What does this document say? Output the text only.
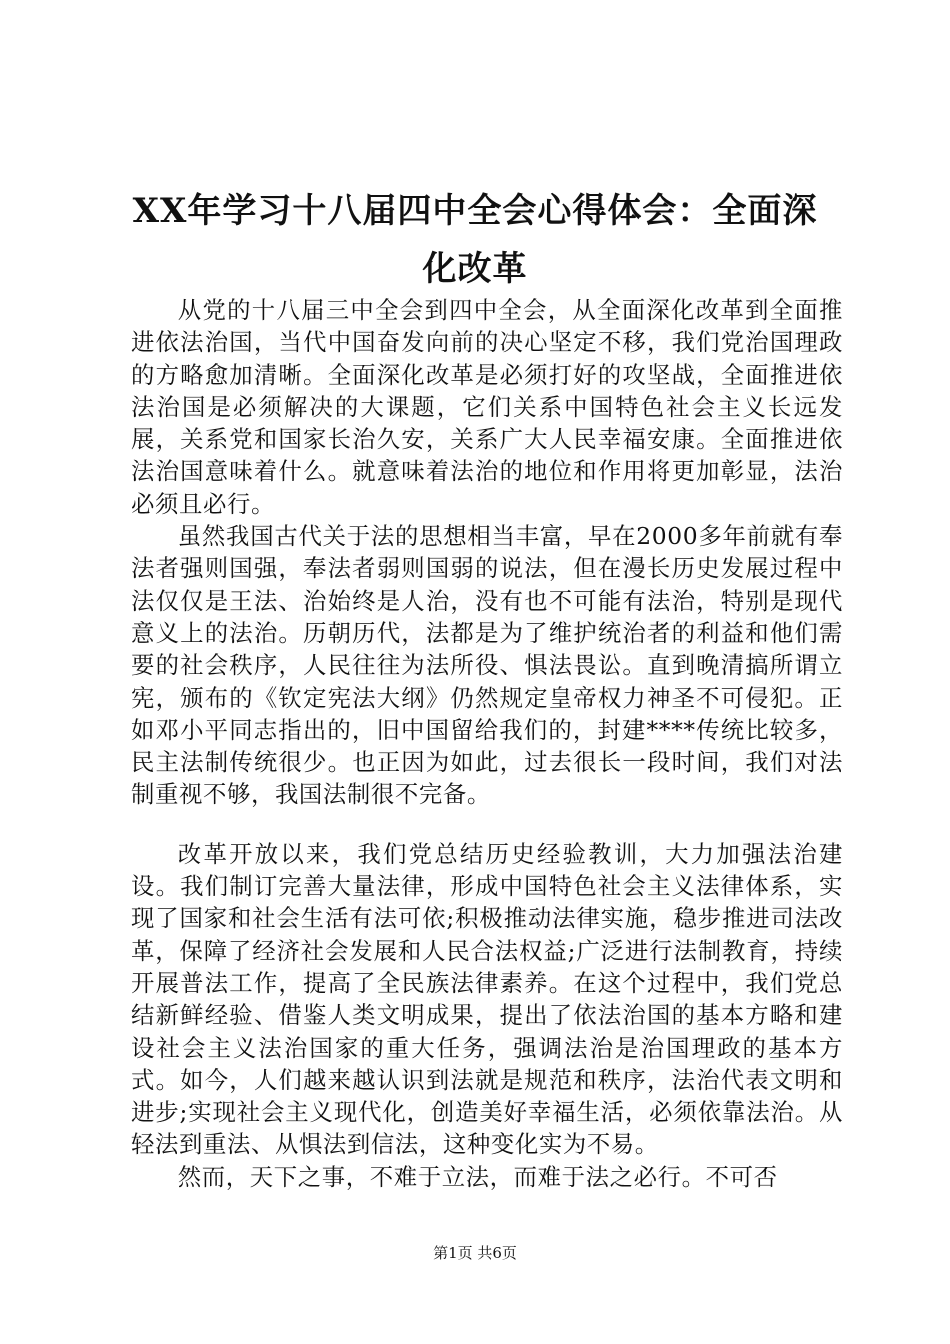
XX年学习十八届四中全会心得体会：全面深
化改革

从党的十八届三中全会到四中全会，从全面深化改革到全面推进依法治国，当代中国奋发向前的决心坚定不移，我们党治国理政的方略愈加清晰。全面深化改革是必须打好的攻坚战，全面推进依法治国是必须解决的大课题，它们关系中国特色社会主义长远发展，关系党和国家长治久安，关系广大人民幸福安康。全面推进依法治国意味着什么。就意味着法治的地位和作用将更加彰显，法治必须且必行。

虽然我国古代关于法的思想相当丰富，早在2000多年前就有奉法者强则国强，奉法者弱则国弱的说法，但在漫长历史发展过程中法仅仅是王法、治始终是人治，没有也不可能有法治，特别是现代意义上的法治。历朝历代，法都是为了维护统治者的利益和他们需要的社会秩序，人民往往为法所役、惧法畏讼。直到晚清搞所谓立宪，颁布的《钦定宪法大纲》仍然规定皇帝权力神圣不可侵犯。正如邓小平同志指出的，旧中国留给我们的，封建****传统比较多，民主法制传统很少。也正因为如此，过去很长一段时间，我们对法制重视不够，我国法制很不完备。

改革开放以来，我们党总结历史经验教训，大力加强法治建设。我们制订完善大量法律，形成中国特色社会主义法律体系，实现了国家和社会生活有法可依;积极推动法律实施，稳步推进司法改革，保障了经济社会发展和人民合法权益;广泛进行法制教育，持续开展普法工作，提高了全民族法律素养。在这个过程中，我们党总结新鲜经验、借鉴人类文明成果，提出了依法治国的基本方略和建设社会主义法治国家的重大任务，强调法治是治国理政的基本方式。如今，人们越来越认识到法就是规范和秩序，法治代表文明和进步;实现社会主义现代化，创造美好幸福生活，必须依靠法治。从轻法到重法、从惧法到信法，这种变化实为不易。

然而，天下之事，不难于立法，而难于法之必行。不可否

第1页 共6页
